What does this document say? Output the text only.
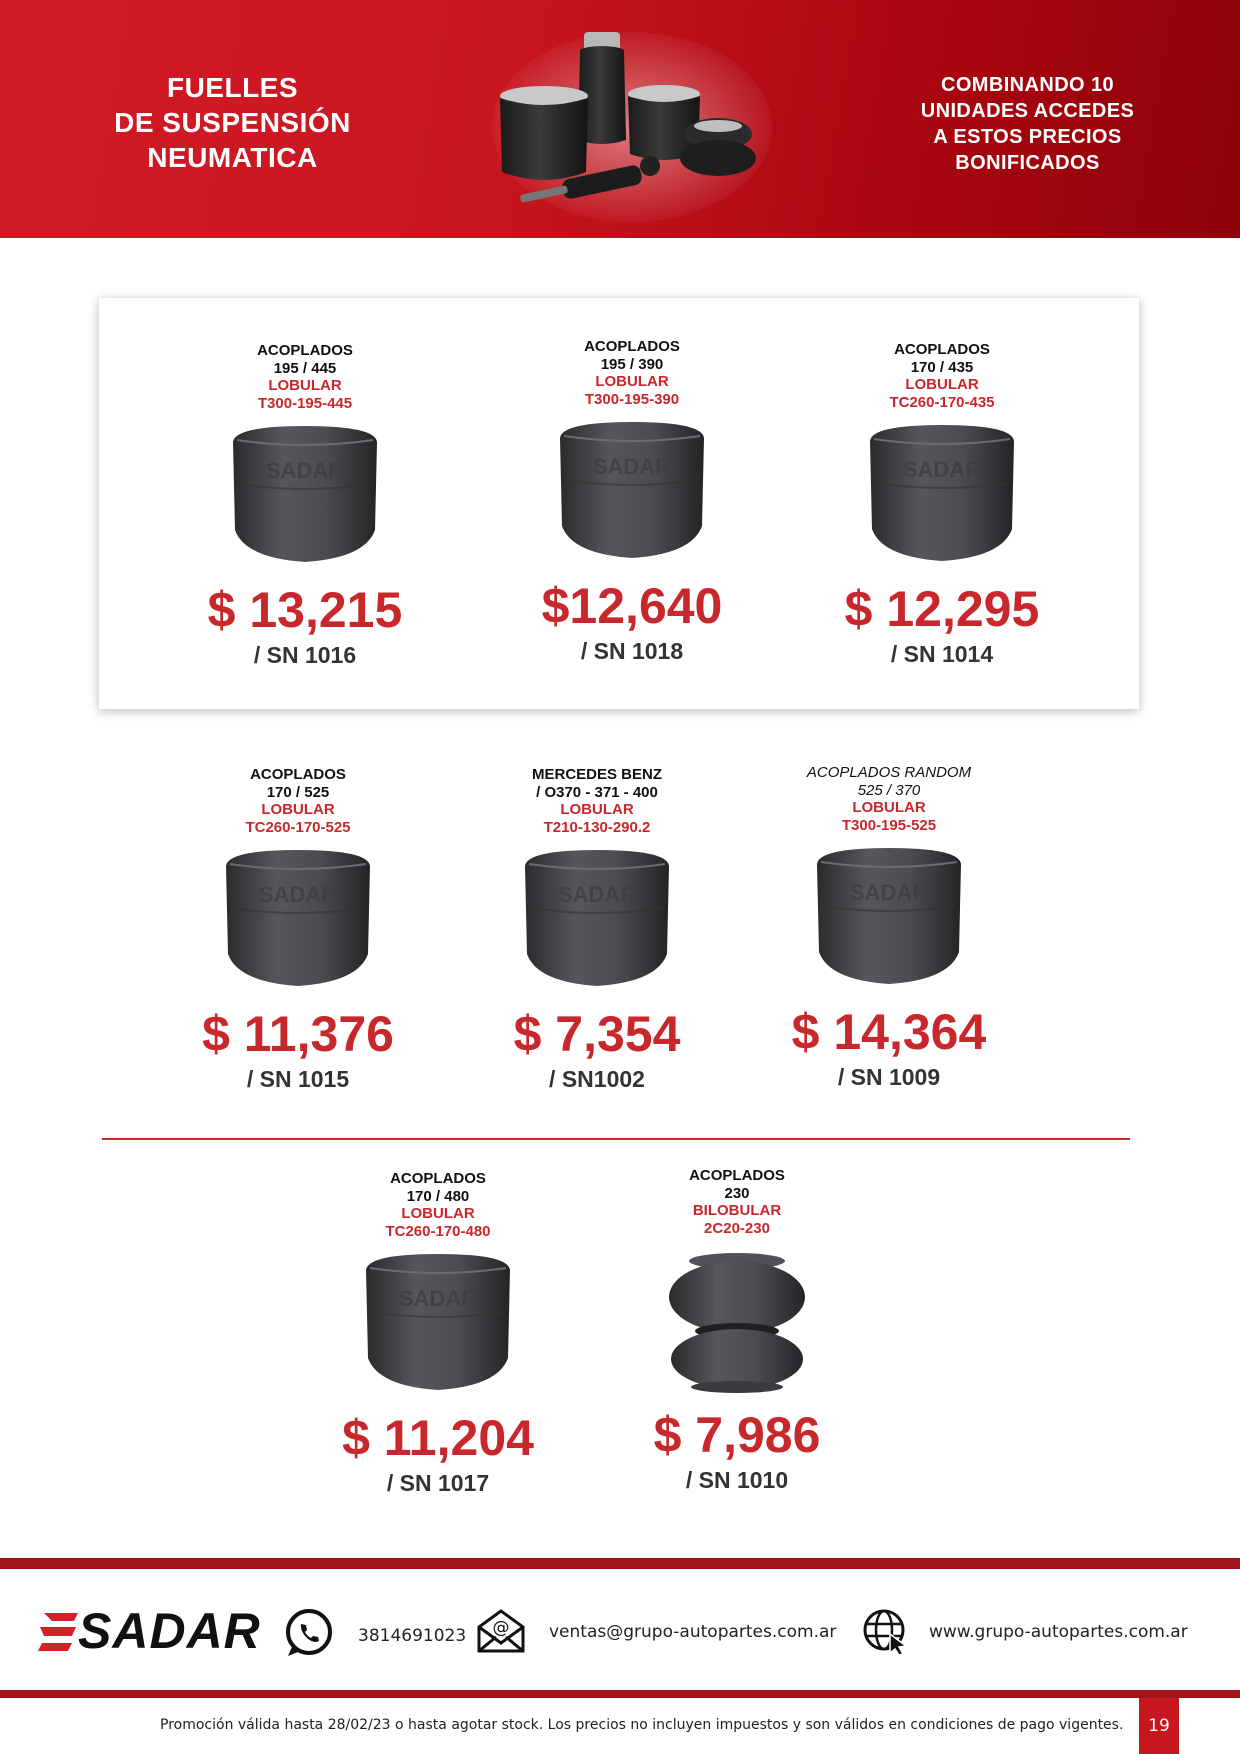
FUELLES
DE SUSPENSIÓN
NEUMATICA
COMBINANDO 10
UNIDADES ACCEDES
A ESTOS PRECIOS
BONIFICADOS
ACOPLADOS
195 / 445
LOBULAR
T300-195-445
$ 13,215
/ SN 1016
ACOPLADOS
195 / 390
LOBULAR
T300-195-390
$12,640
/ SN 1018
ACOPLADOS
170 / 435
LOBULAR
TC260-170-435
$ 12,295
/ SN 1014
ACOPLADOS
170 / 525
LOBULAR
TC260-170-525
$ 11,376
/ SN 1015
MERCEDES BENZ
/ O370 - 371 - 400
LOBULAR
T210-130-290.2
$ 7,354
/ SN1002
ACOPLADOS RANDOM
525 / 370
LOBULAR
T300-195-525
$ 14,364
/ SN 1009
ACOPLADOS
170 / 480
LOBULAR
TC260-170-480
$ 11,204
/ SN 1017
ACOPLADOS
230
BILOBULAR
2C20-230
$ 7,986
/ SN 1010
SADAR	3814691023 @ ventas@grupo-autopartes.com.ar	www.grupo-autopartes.com.ar
Promoción válida hasta 28/02/23 o hasta agotar stock. Los precios no incluyen impuestos y son válidos en condiciones de pago vigentes.	19
